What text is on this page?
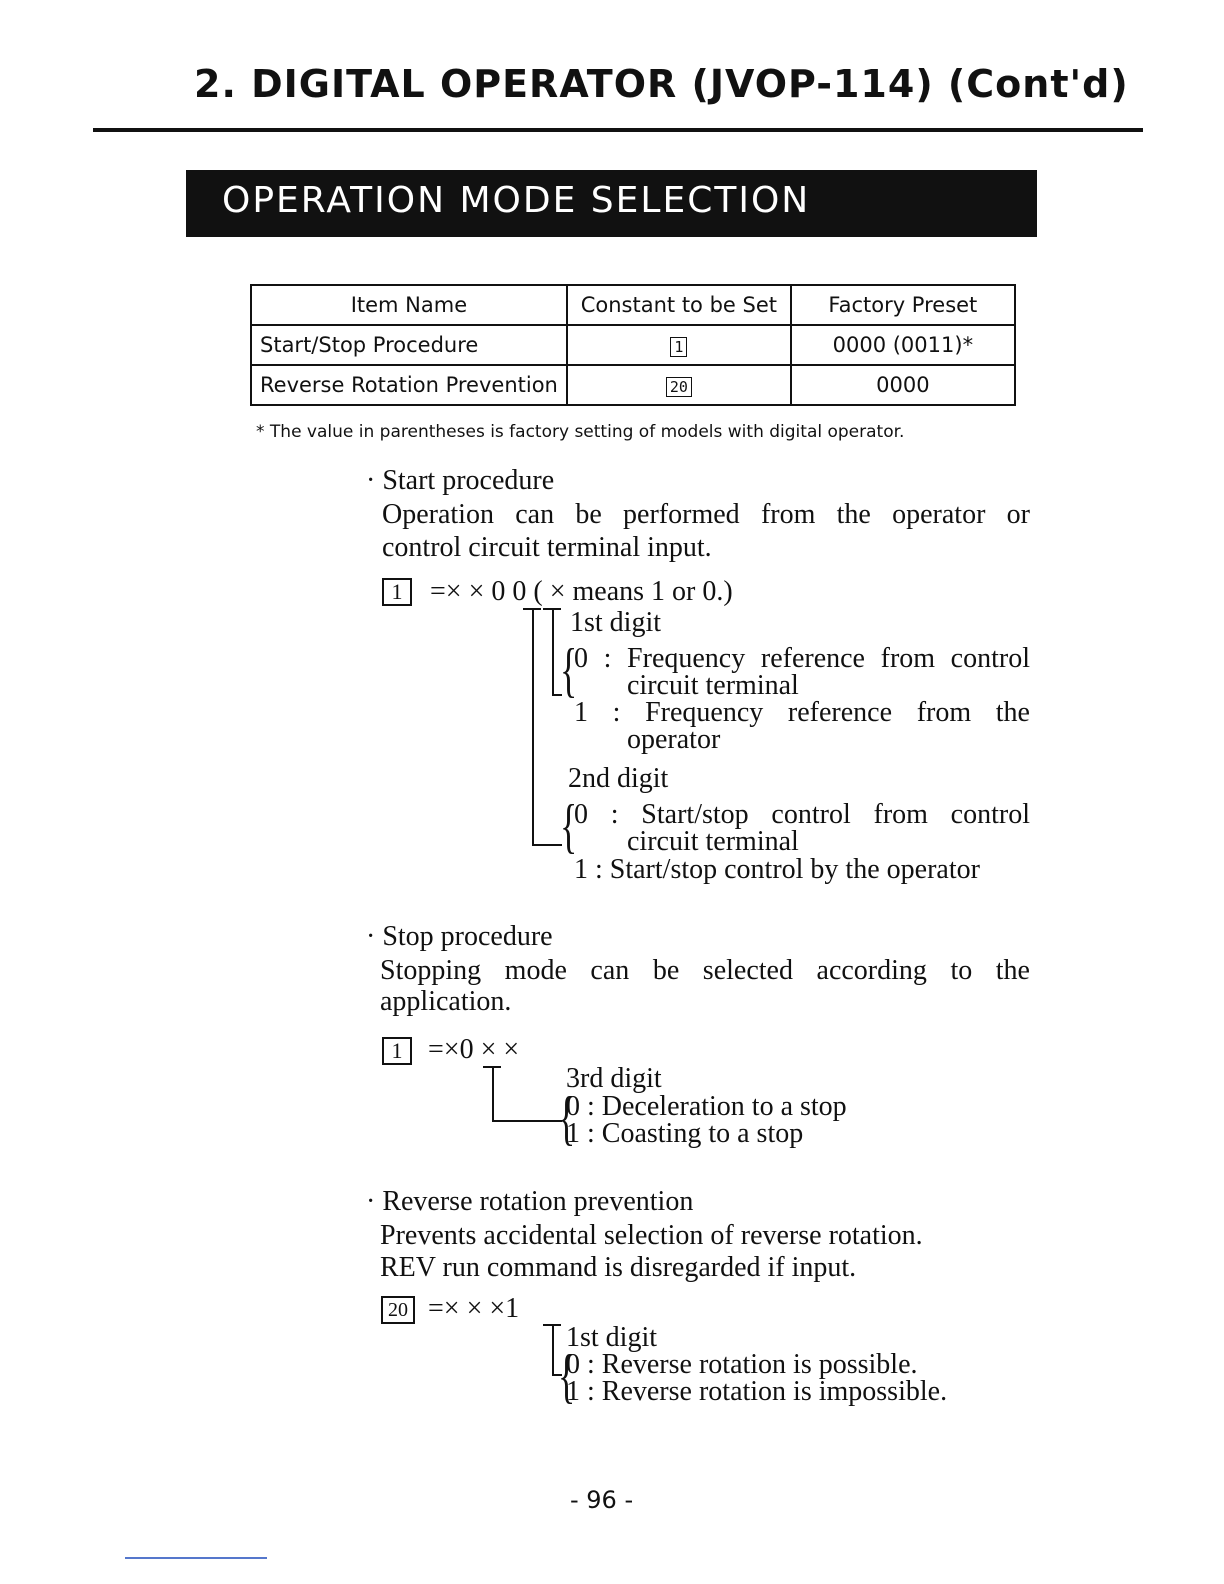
2. DIGITAL OPERATOR (JVOP-114) (Cont'd)
OPERATION MODE SELECTION
Item Name	Constant to be Set	Factory Preset
Start/Stop Procedure	1	0000 (0011)*
Reverse Rotation Prevention	20	0000
* The value in parentheses is factory setting of models with digital operator.
· Start procedure
Operation can be performed from the operator or
control circuit terminal input.
1 =× × 0 0 ( × means 1 or 0.)
1st digit
{
0 : Frequency reference from control
circuit terminal
1 : Frequency reference from the
operator
2nd digit
{
0 : Start/stop control from control
circuit terminal
1 : Start/stop control by the operator
· Stop procedure
Stopping mode can be selected according to the
application.
1 =×0 × ×
3rd digit
{
0 : Deceleration to a stop
1 : Coasting to a stop
· Reverse rotation prevention
Prevents accidental selection of reverse rotation.
REV run command is disregarded if input.
20 =× × ×1
1st digit
{
0 : Reverse rotation is possible.
1 : Reverse rotation is impossible.
- 96 -
